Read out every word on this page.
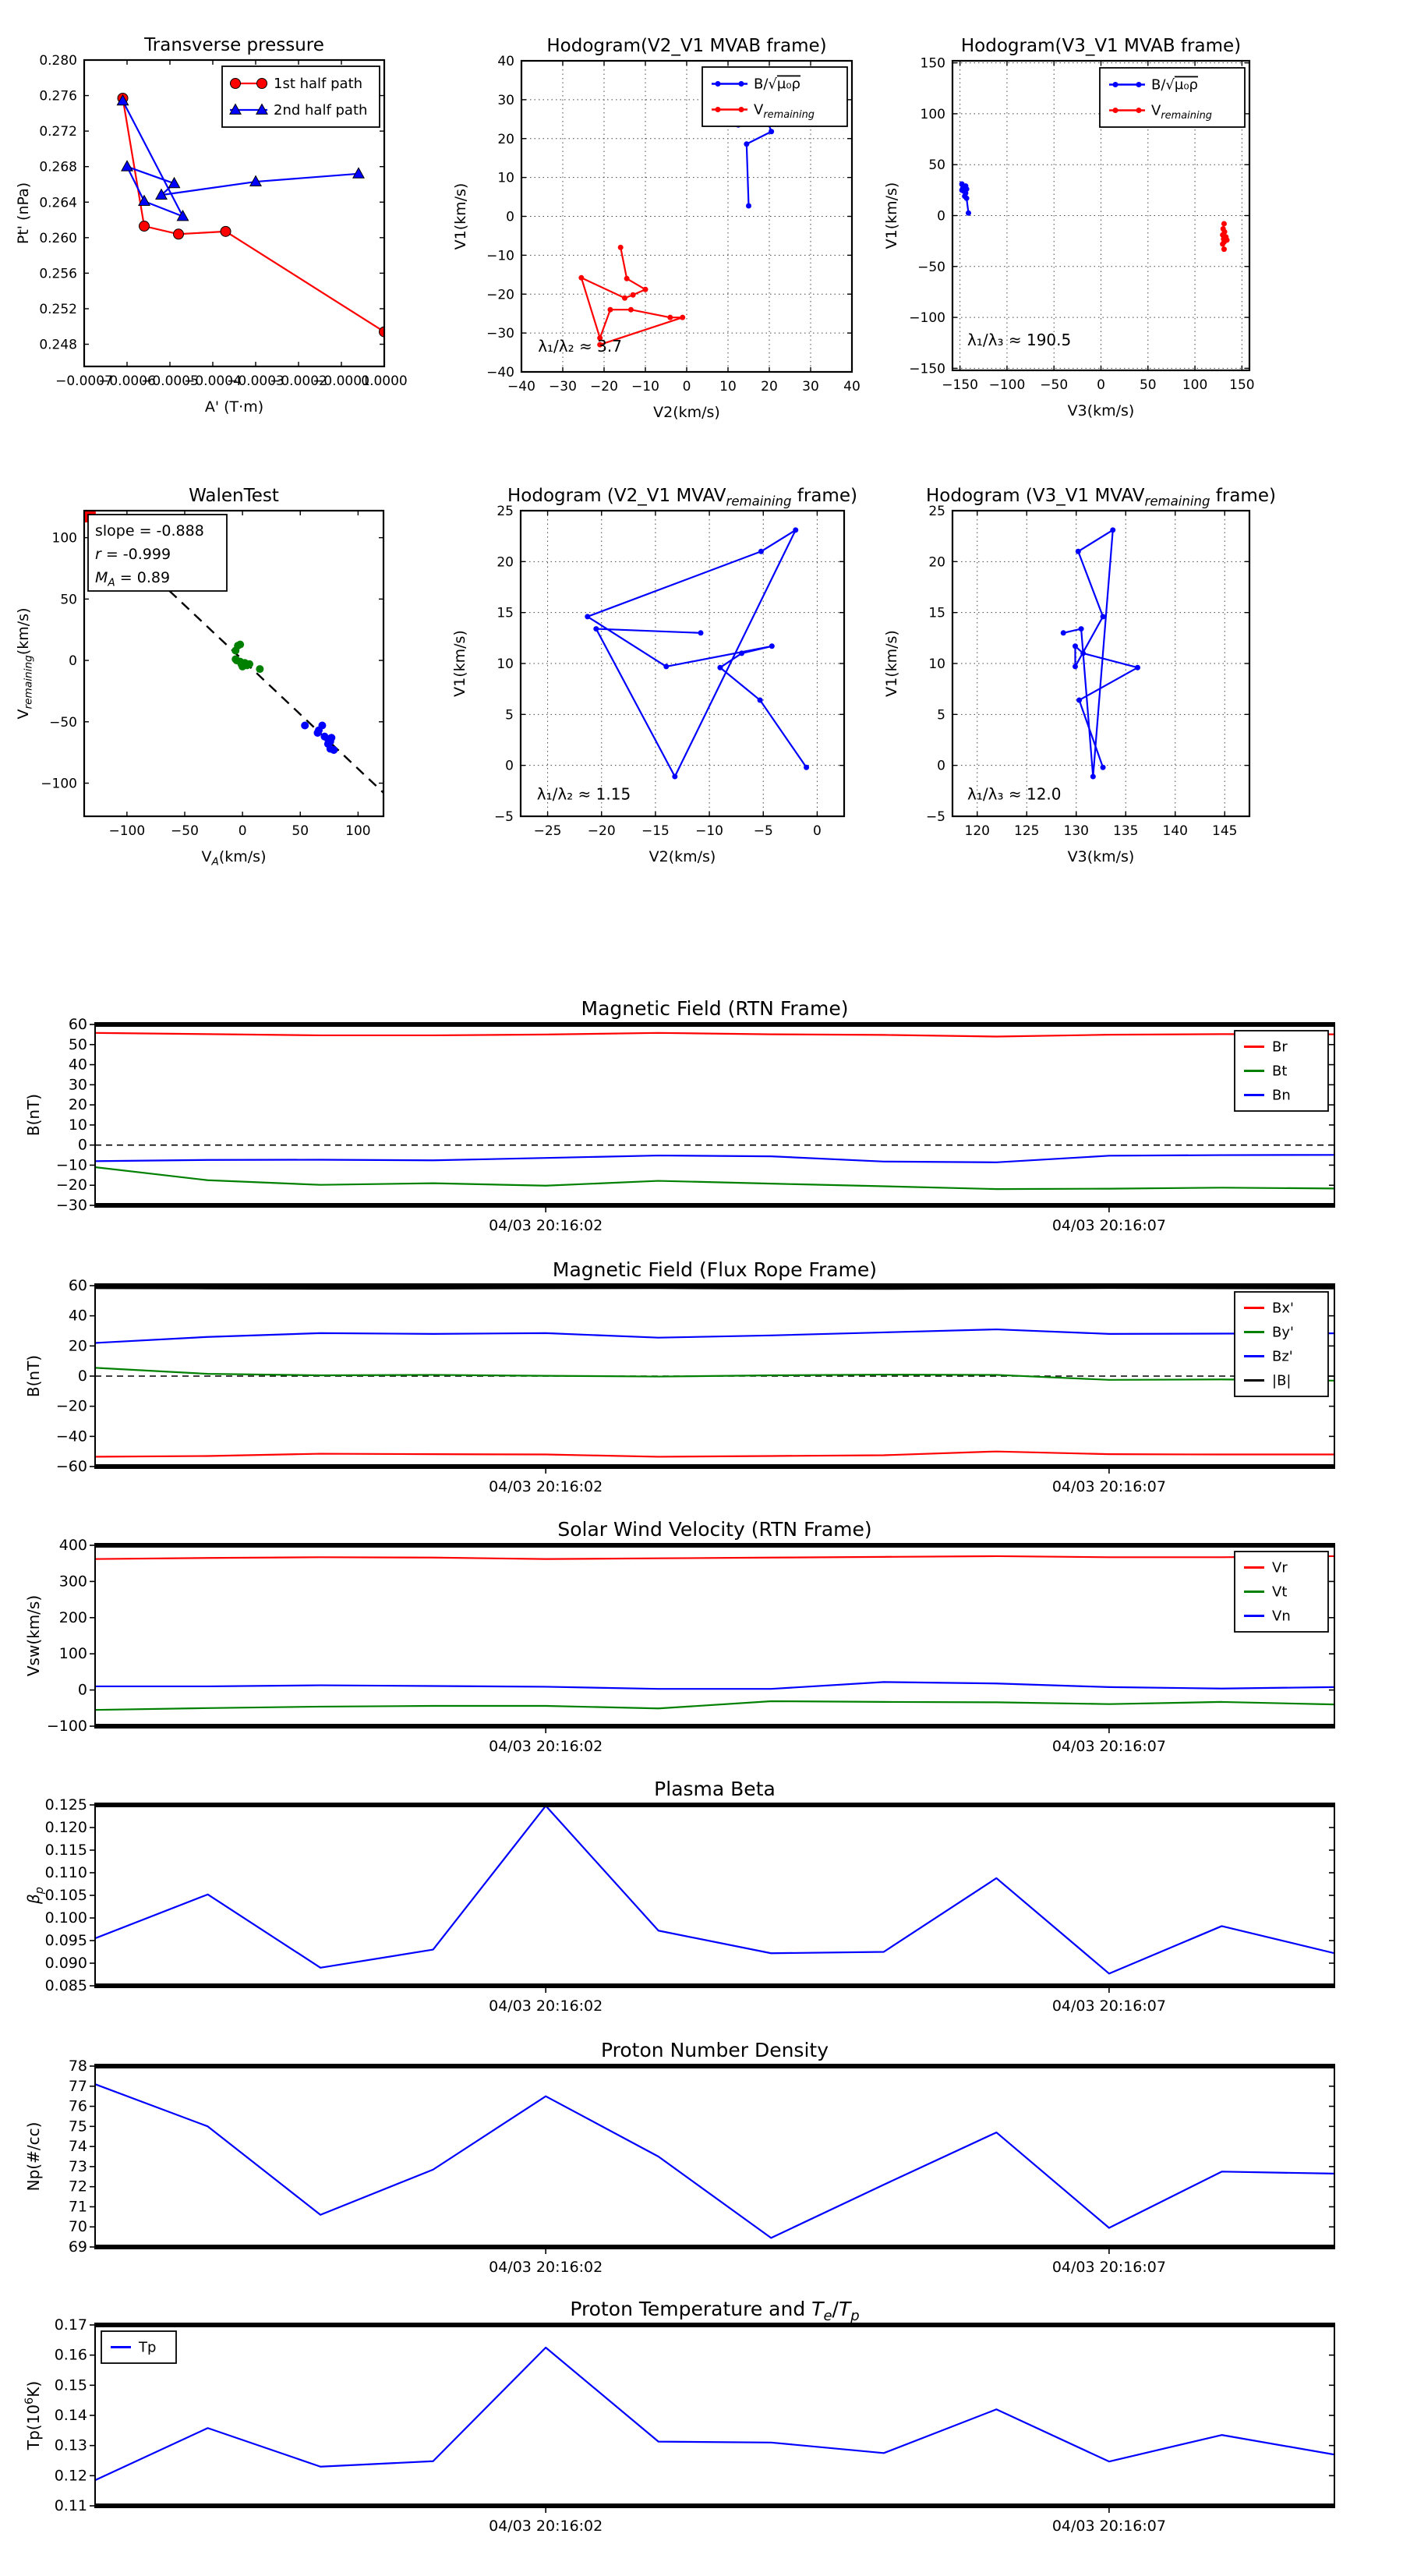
−0.0007
−0.0006
−0.0005
−0.0004
−0.0003
−0.0002
−0.0001
0.0000
0.248
0.252
0.256
0.260
0.264
0.268
0.272
0.276
0.280
Pt' (nPa)
A' (T·m)
Transverse pressure
1st half path
2nd half path
−40 −30 −20 −10 0 10 20 30 40
−40
−30
−20
−10
0
10
20
30
40
V1(km/s)
V2(km/s)
Hodogram(V2_V1 MVAB frame)
λ₁/λ₂ ≈ 3.7
B/√μ₀ρ
$V_{remaining}$
−150 −100 −50 0	50 100 150
−150
−100
−50
0
50
100
150
V1(km/s)
V3(km/s)
Hodogram(V3_V1 MVAB frame)
λ₁/λ₃ ≈ 190.5
B/√μ₀ρ
$V_{remaining}$
−100 −50	0	50	100
−100
−50
0
50
100
$V_{remaining}(km/s)$
$V_A(km/s)$
WalenTest
slope = -0.888
r = -0.999
$M_A = 0.89$
−25 −20 −15 −10 −5	0
−5
0
5
10
15
20
25
V1(km/s)
V2(km/s)
Hodogram (V2_V1 $MVAV_{remaining}$ frame)
λ₁/λ₂ ≈ 1.15
120 125 130 135 140 145
−5
0
5
10
15
20
25
V1(km/s)
V3(km/s)
Hodogram (V3_V1 $MVAV_{remaining}$ frame)
λ₁/λ₃ ≈ 12.0
−30
−20
−10
0
10
20
30
40
50
60
04/03 20:16:02	04/03 20:16:07
B(nT)
Magnetic Field (RTN Frame)
Br
Bt
Bn
−60
−40
−20
0
20
40
60
04/03 20:16:02	04/03 20:16:07
B(nT)
Magnetic Field (Flux Rope Frame)
Bx'
By'
Bz'
|B|
−100
0
100
200
300
400
04/03 20:16:02	04/03 20:16:07
Vsw(km/s)
Solar Wind Velocity (RTN Frame)
Vr
Vt
Vn
0.085
0.090
0.095
0.100
0.105
0.110
0.115
0.120
0.125
04/03 20:16:02	04/03 20:16:07
$\beta_p$
Plasma Beta
69
70
71
72
73
74
75
76
77
78
04/03 20:16:02	04/03 20:16:07
Np(#/cc)
Proton Number Density
0.11
0.12
0.13
0.14
0.15
0.16
0.17
04/03 20:16:02	04/03 20:16:07
$Tp(10^6K)$
Proton Temperature and $T_e/T_p$
Tp
